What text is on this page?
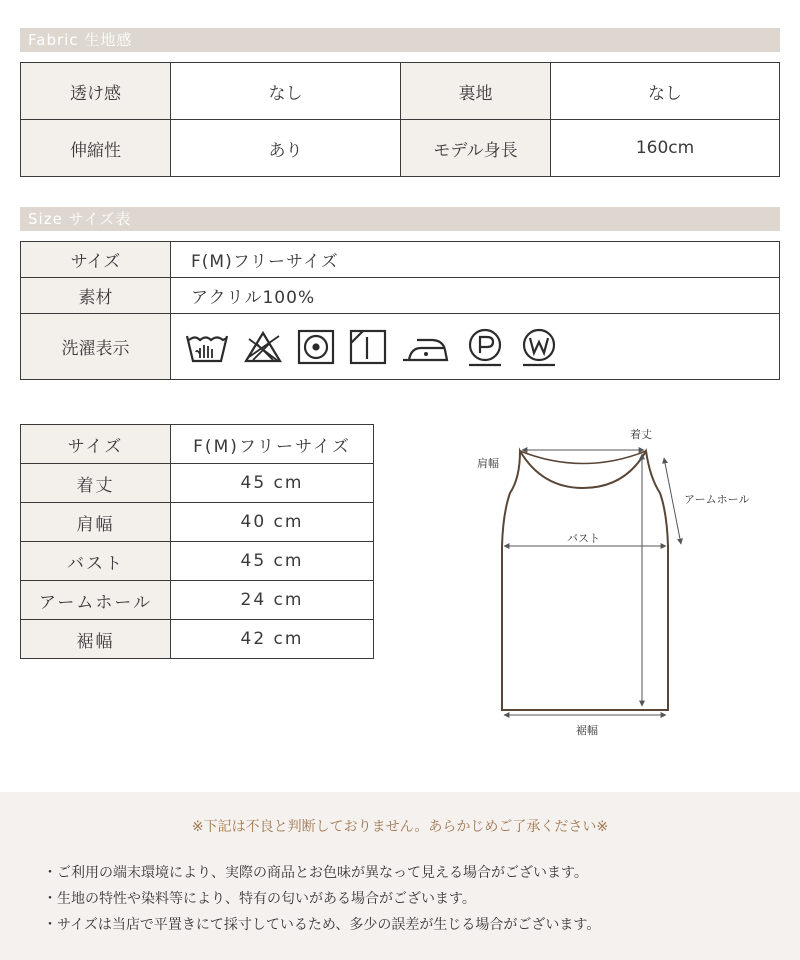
Fabric 生地感
透け感	なし	裏地	なし
伸縮性	あり	モデル身長	160cm
Size サイズ表
サイズ	F(M)フリーサイズ
素材	アクリル100%
洗濯表示	
サイズ	F(M)フリーサイズ
着丈	45 cm
肩幅	40 cm
バスト	45 cm
アームホール	24 cm
裾幅	42 cm
着丈
肩幅
アームホール
バスト
裾幅
※下記は不良と判断しておりません。あらかじめご了承ください※
・ご利用の端末環境により、実際の商品とお色味が異なって見える場合がございます。
・生地の特性や染料等により、特有の匂いがある場合がございます。
・サイズは当店で平置きにて採寸しているため、多少の誤差が生じる場合がございます。
